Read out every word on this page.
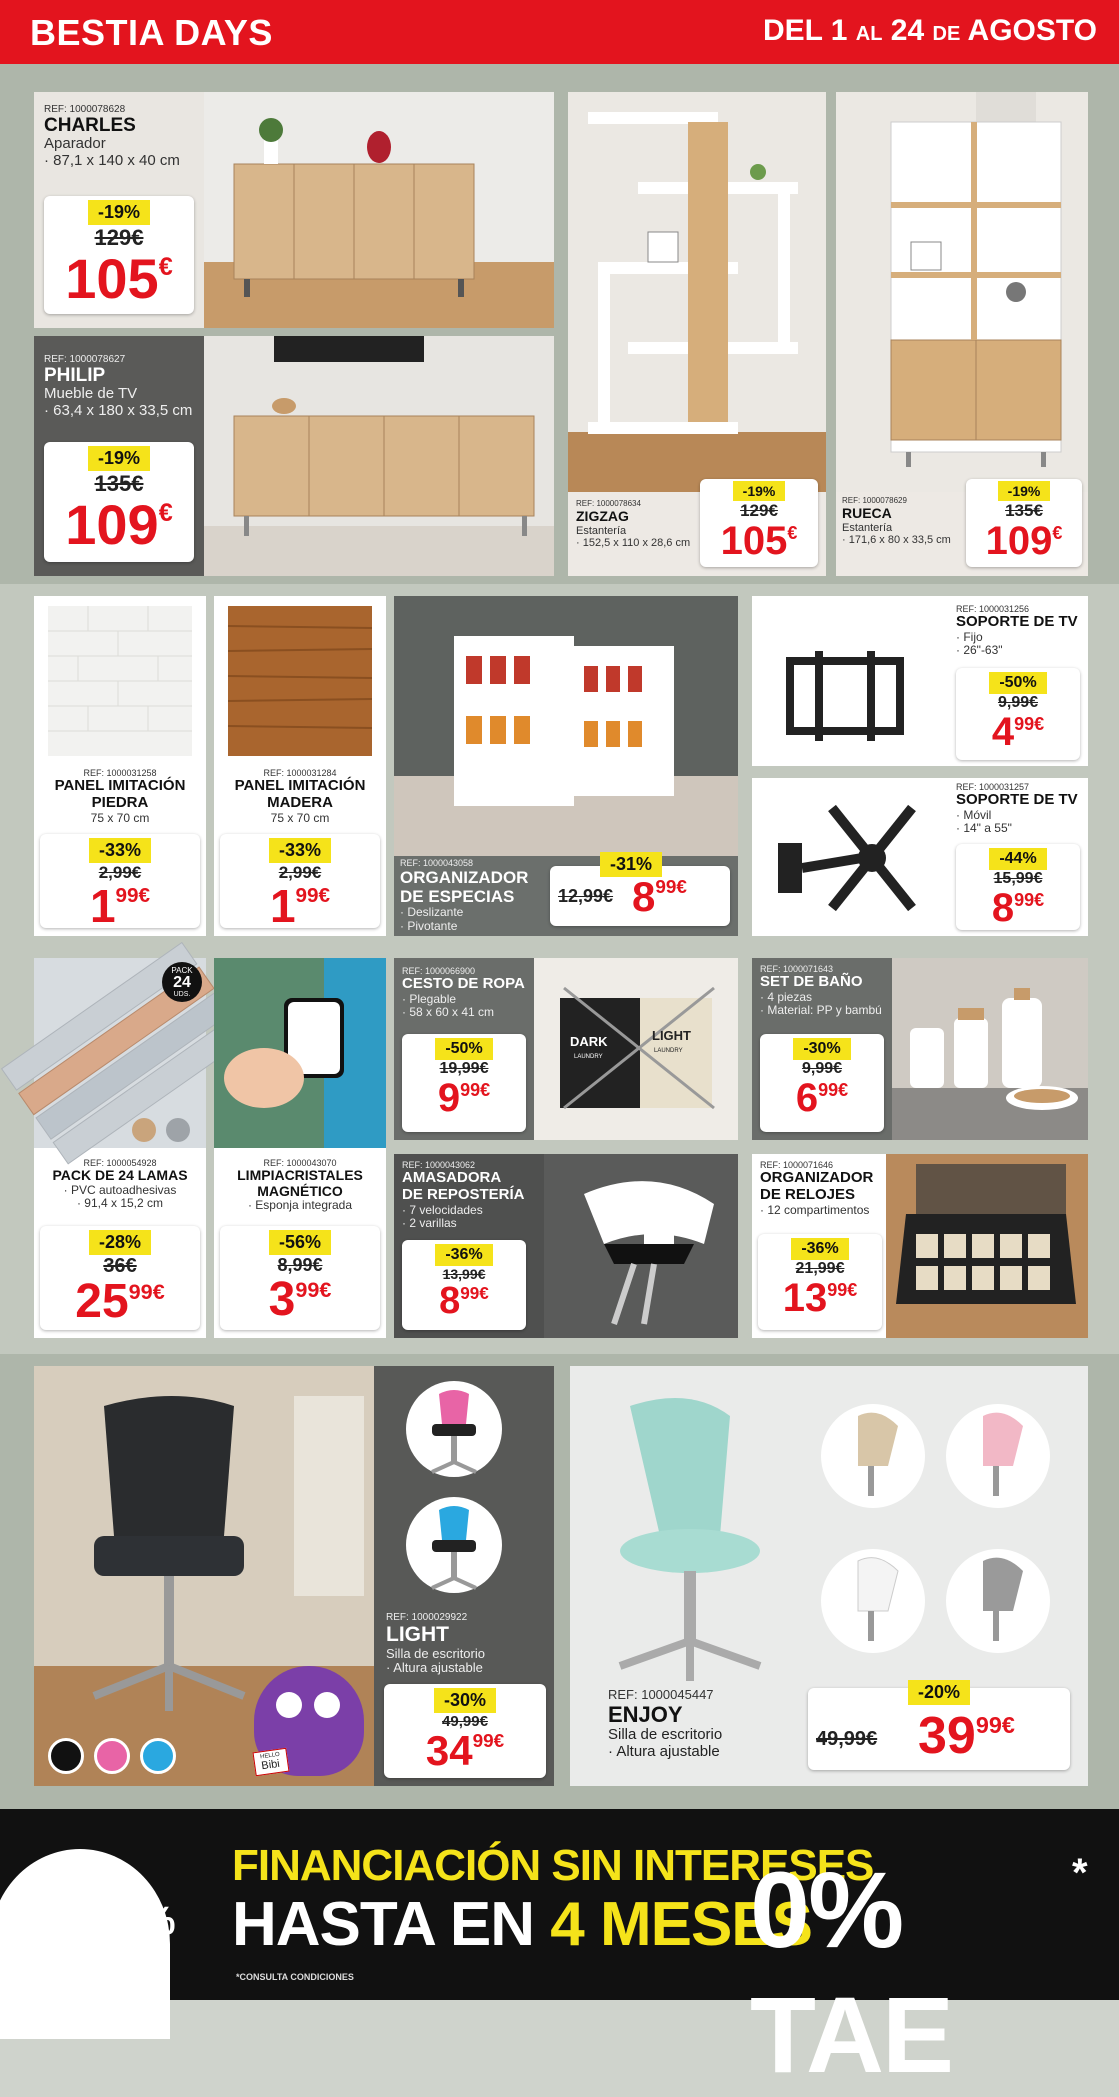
BESTIA DAYS	DEL 1 AL 24 DE AGOSTO
REF: 1000078628
CHARLES
Aparador
· 87,1 x 140 x 40 cm
-19%
129€
105€
REF: 1000078627
PHILIP
Mueble de TV
· 63,4 x 180 x 33,5 cm
-19%
135€
109€	REF: 1000078634
ZIGZAG
Estantería
· 152,5 x 110 x 28,6 cm
-19%
129€
105€
REF: 1000078629
RUECA
Estantería
· 171,6 x 80 x 33,5 cm
-19%
135€
109€
REF: 1000031258
PANEL IMITACIÓN
PIEDRA
75 x 70 cm
-33%
2,99€
$1^{99€}$
REF: 1000031284
PANEL IMITACIÓN
MADERA
75 x 70 cm
-33%
2,99€
$1^{99€}$
REF: 1000043058
ORGANIZADOR
DE ESPECIAS
· Deslizante
· Pivotante
-31%
12,99€ $8^{99€}$
REF: 1000031256
SOPORTE DE TV
· Fijo
· 26"-63"
-50%
9,99€
$4^{99€}$
REF: 1000031257
SOPORTE DE TV
· Móvil
· 14" a 55"
-44%
15,99€
$8^{99€}$
PACK
24
UDS.
REF: 1000054928
PACK DE 24 LAMAS
· PVC autoadhesivas
· 91,4 x 15,2 cm
-28%
36€
$25^{99€}$
REF: 1000043070
LIMPIACRISTALES
MAGNÉTICO
· Esponja integrada
-56%
8,99€
$3^{99€}$
DARK	LIGHT
LAUNDRY
LAUNDRY
REF: 1000066900
CESTO DE ROPA
· Plegable
· 58 x 60 x 41 cm
-50%
19,99€
$9^{99€}$
REF: 1000071643
SET DE BAÑO
· 4 piezas
· Material: PP y bambú
-30%
9,99€
$6^{99€}$
REF: 1000043062
AMASADORA
DE REPOSTERÍA
· 7 velocidades
· 2 varillas
-36%
13,99€
$8^{99€}$
REF: 1000071646
ORGANIZADOR
DE RELOJES
· 12 compartimentos
-36%
21,99€
$13^{99€}$
HELLO
Bibi
REF: 1000029922
LIGHT
Silla de escritorio
· Altura ajustable
-30%
49,99€
$34^{99€}$
REF: 1000045447
ENJOY
Silla de escritorio
· Altura ajustable
-20%
49,99€ $39^{99€}$
%
FINANCIACIÓN SIN INTERESES
HASTA EN 4 MESES
*CONSULTA CONDICIONES
0% TAE
*
